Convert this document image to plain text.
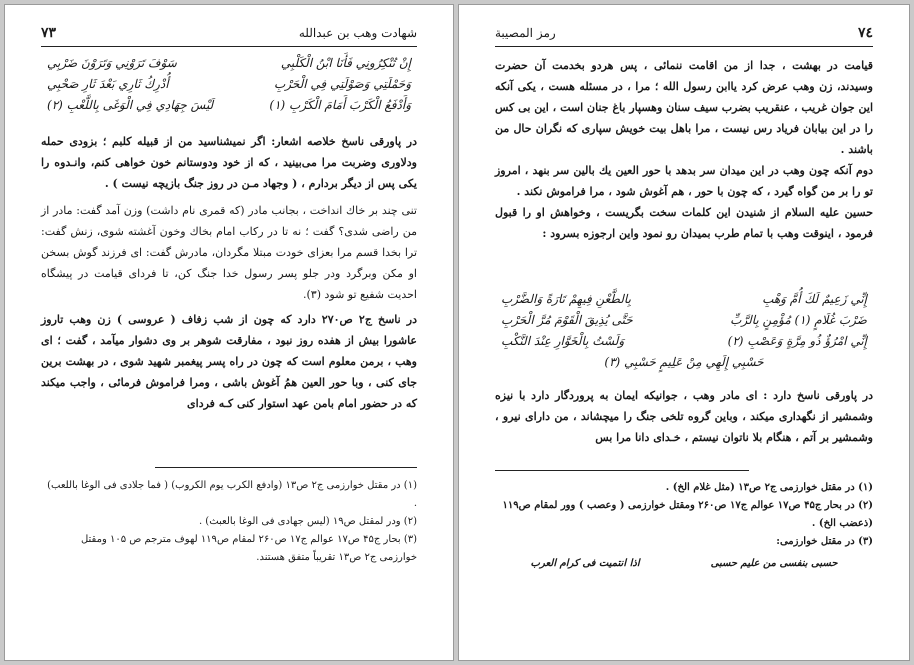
شهادت وهب بن عبدالله
۷۳
إِنْ تُنْكِرُونِي فَأَنَا ابْنُ الْكَلْبِي
سَوْفَ تَرَوْنِي وَتَرَوْنَ ضَرْبِي
وَحَمْلَتِي وَصَوْلَتِي فِي الْحَرْبِ
أُدْرِكُ ثَارِي بَعْدَ ثَارِ صَحْبِي
وَأَدْفَعُ الْكَرْبَ أَمَامَ الْكَرْبِ (۱)
لَيْسَ جِهَادِي فِي الْوَغَى بِاللَّعْبِ (۲)

در پاورقی ناسخ خلاصه اشعار: اگر نمیشناسید من از قبیله کلبم ؛ بزودی حمله ودلاوری وضربت مرا می‌بینید ، که از خود ودوستانم خون خواهی کنم، وانـدوه را یکی پس از دیگر بردارم ، ( وجهاد مـن در روز جنگ بازیچه نیست ) .

تنی چند بر خاك انداخت ، بجانب مادر (که قمری نام داشت) وزن آمد گفت: مادر از من راضی شدی؟ گفت ؛ نه تا در رکاب امام بخاك وخون آغشته شوی، زنش گفت: ترا بخدا قسم مرا بعزای خودت مبتلا مگردان، مادرش گفت: ای فرزند گوش بسخن او مکن وبرگرد ودر جلو پسر رسول خدا جنگ کن، تا فردای قیامت در پیشگاه احدیت شفیع تو شود (۳).

در ناسخ ج۲ ص۲۷۰ دارد که چون از شب زفاف ( عروسی ) زن وهب تاروز عاشورا بیش از هفده روز نبود ، مفارقت شوهر بر وی دشوار میآمد ، گفت ؛ ای وهب ، برمن معلوم است که چون در راه پسر پیغمبر شهید شوی ، در بهشت برین جای کنی ، وبا حور العین همُ آغوش باشی ، ومرا فراموش فرمائی ، واجب میکند که در حضور امام بامن عهد استوار کنی کـه فردای

(۱) در مقتل خوارزمی ج۲ ص۱۳ (وادفع الکرب یوم الکروب) ( فما جلادی فی الوغا باللعب) .

(۲) ودر لمقتل ص۱۹ (لیس جهادی فی الوغا بالعبث) .

(۳) بحار ج۴۵ ص۱۷ عوالم ج۱۷ ص۲۶۰ لمقام ص۱۱۹ لهوف مترجم ص ۱۰۵ ومقتل خوارزمی ج۲ ص۱۳ تقریباً متفق هستند.

۷٤
رمز المصیبة

قیامت در بهشت ، جدا از من اقامت ننمائی ، پس هردو بخدمت آن حضرت وسیدند، زن وهب عرض کرد یاابن رسول الله ؛ مرا ، در مسئله هست ، یکی آنکه این جوان غریب ، عنقریب بضرب سیف سنان وهسپار باغ جنان است ، این بی کس را در این بیابان فریاد رس نیست ، مرا باهل بیت خویش سپاری که نگران حال من باشند .

دوم آنکه چون وهب در این میدان سر بدهد با حور العین یك بالین سر بنهد ، امروز تو را بر من گواه گیرد ، که چون با حور ، هم آغوش شود ، مرا فراموش نکند .

حسین علیه السلام از شنیدن این کلمات سخت بگریست ، وخواهش او را قبول فرمود ، اینوقت وهب با تمام طرب بمیدان رو نمود واین ارجوزه بسرود :

إِنِّي زَعِيمٌ لَكَ أُمَّ وَهْبِ
بِالطَّعْنِ فِيهِمْ تَارَةً وَالضَّرْبِ
ضَرْبَ غُلَامٍ (۱) مُؤْمِنٍ بِالرَّبِّ
حَتَّى يُذِيقَ الْقَوْمَ مُرَّ الْحَرْبِ
إِنِّي امْرُؤٌ ذُو مِرَّةٍ وَعَصْبِ (۲)
وَلَسْتُ بِالْخَوَّارِ عِنْدَ النَّكْبِ
حَسْبِي إِلَهِي مِنْ عَلِيمٍ حَسْبِي (۳)

در پاورقی ناسخ دارد : ای مادر وهب ، جوانیکه ایمان به پروردگار دارد با نیزه وشمشیر از نگهداری میکند ، وباین گروه تلخی جنگ را میچشاند ، من دارای نیرو ، وشمشیر بر آتم ، هنگام بلا ناتوان نیستم ، خـدای دانا مرا بس

(۱) در مقتل خوارزمی ج۲ ص۱۳ (مثل غلام الخ) .

(۲) در بحار ج۴۵ ص۱۷ عوالم ج۱۷ ص۲۶۰ ومقتل خوارزمی ( وعصب ) وور لمقام ص۱۱۹ (ذعضب الخ) .

(۳) در مقتل خوارزمی:

حسبی بنفسی من علیم حسبی
اذا انتمیت فی کرام العرب
